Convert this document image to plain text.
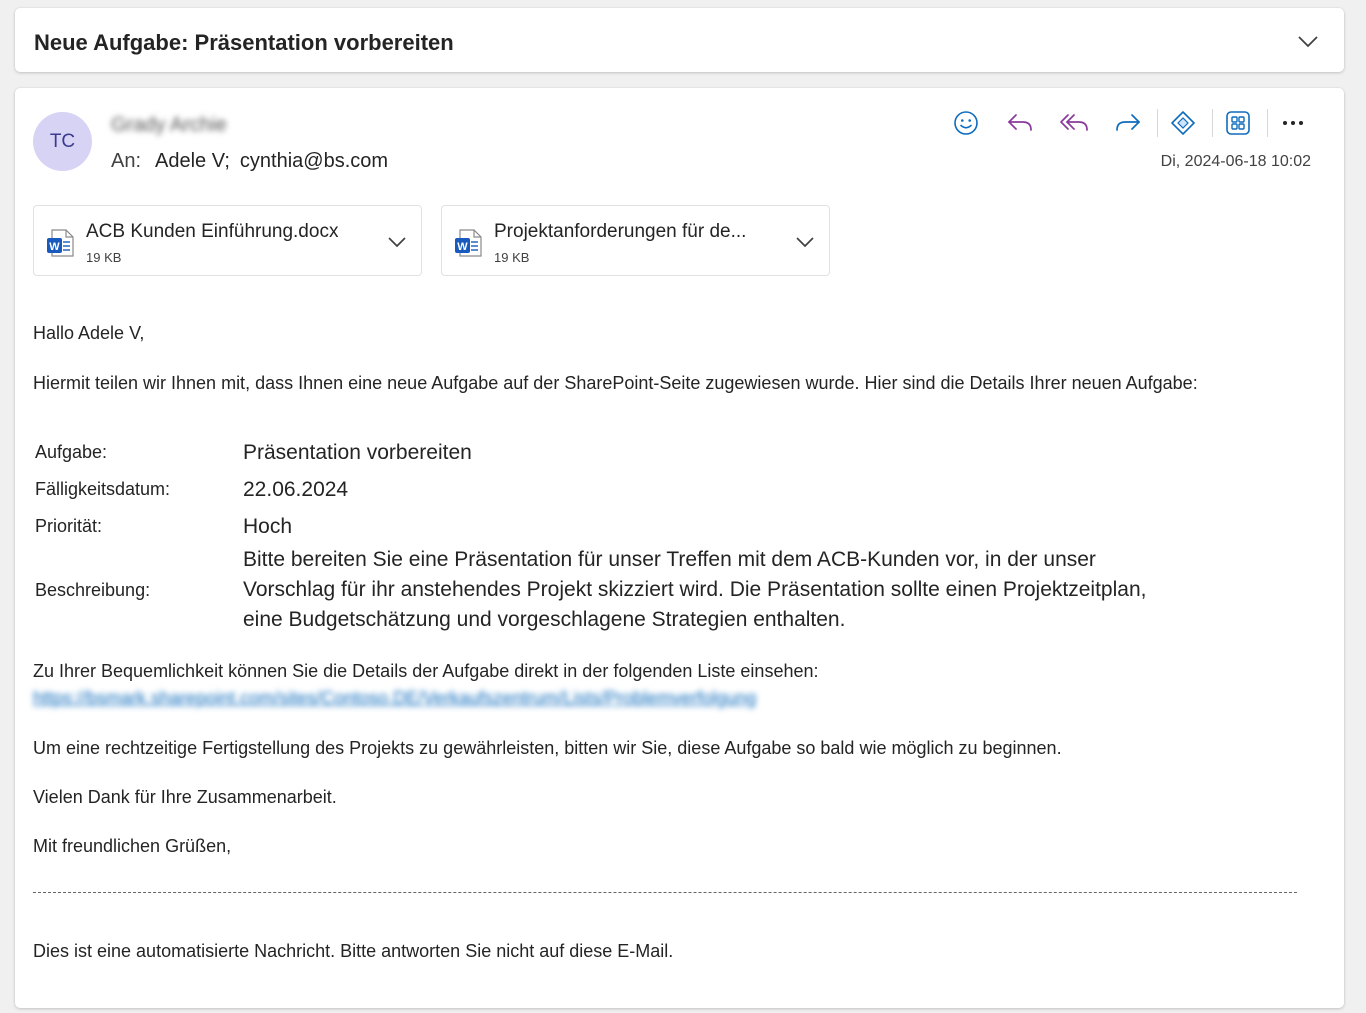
Neue Aufgabe: Präsentation vorbereiten
TC
Grady Archie
An: Adele V; cynthia@bs.com	Di, 2024-06-18 10:02
W
ACB Kunden Einführung.docx
19 KB
W
Projektanforderungen für de...
19 KB
Hallo Adele V,
Hiermit teilen wir Ihnen mit, dass Ihnen eine neue Aufgabe auf der SharePoint-Seite zugewiesen wurde. Hier sind die Details Ihrer neuen Aufgabe:
Aufgabe:	Präsentation vorbereiten
Fälligkeitsdatum:	22.06.2024
Priorität:	Hoch
Beschreibung:	Bitte bereiten Sie eine Präsentation für unser Treffen mit dem ACB-Kunden vor, in der unser Vorschlag für ihr anstehendes Projekt skizziert wird. Die Präsentation sollte einen Projektzeitplan, eine Budgetschätzung und vorgeschlagene Strategien enthalten.
Zu Ihrer Bequemlichkeit können Sie die Details der Aufgabe direkt in der folgenden Liste einsehen:
https://bsmark.sharepoint.com/sites/Contoso.DE/Verkaufszentrum/Lists/Problemverfolgung
Um eine rechtzeitige Fertigstellung des Projekts zu gewährleisten, bitten wir Sie, diese Aufgabe so bald wie möglich zu beginnen.
Vielen Dank für Ihre Zusammenarbeit.
Mit freundlichen Grüßen,
Dies ist eine automatisierte Nachricht. Bitte antworten Sie nicht auf diese E-Mail.
